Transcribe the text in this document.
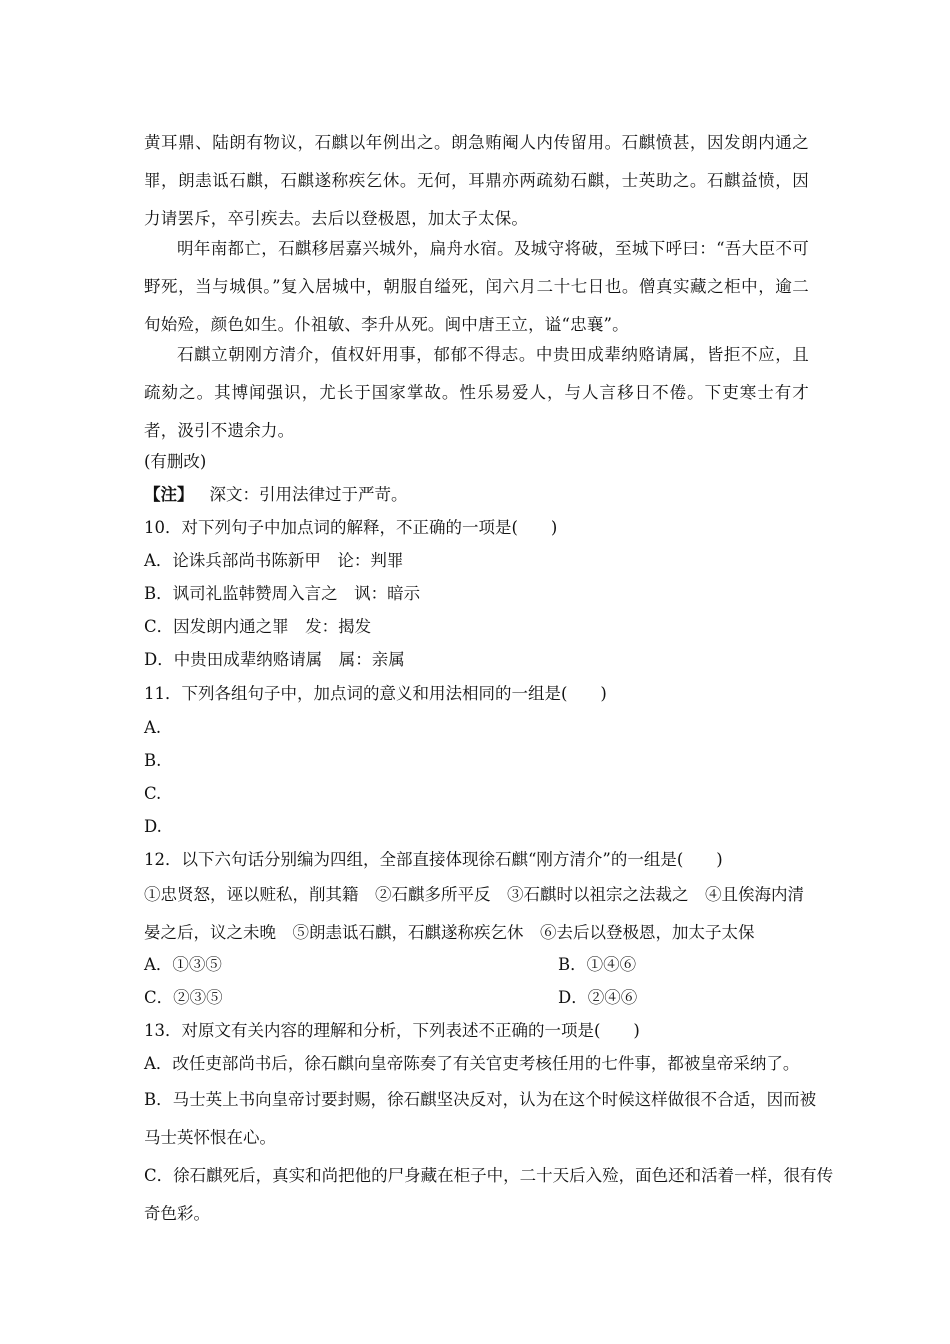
黄耳鼎、陆朗有物议，石麒以年例出之。朗急贿阉人内传留用。石麒愤甚，因发朗内通之罪，朗恚诋石麒，石麒遂称疾乞休。无何，耳鼎亦两疏劾石麒，士英助之。石麒益愤，因力请罢斥，卒引疾去。去后以登极恩，加太子太保。

明年南都亡，石麒移居嘉兴城外，扁舟水宿。及城守将破，至城下呼曰：“吾大臣不可野死，当与城俱。”复入居城中，朝服自缢死，闰六月二十七日也。僧真实藏之柜中，逾二旬始殓，颜色如生。仆祖敏、李升从死。闽中唐王立，谥“忠襄”。

石麒立朝刚方清介，值权奸用事，郁郁不得志。中贵田成辈纳赂请属，皆拒不应，且疏劾之。其博闻强识，尤长于国家掌故。性乐易爱人，与人言移日不倦。下吏寒士有才者，汲引不遗余力。

(有删改)

【注】 深文：引用法律过于严苛。

10．对下列句子中加点词的解释，不正确的一项是(　　)

A．论诛兵部尚书陈新甲　论：判罪

B．讽司礼监韩赞周入言之　讽：暗示

C．因发朗内通之罪　发：揭发

D．中贵田成辈纳赂请属　属：亲属

11．下列各组句子中，加点词的意义和用法相同的一组是(　　)

A.

B.

C.

D.

12．以下六句话分别编为四组，全部直接体现徐石麒“刚方清介”的一组是(　　)

①忠贤怒，诬以赃私，削其籍　②石麒多所平反　③石麒时以祖宗之法裁之　④且俟海内清

晏之后，议之未晚　⑤朗恚诋石麒，石麒遂称疾乞休　⑥去后以登极恩，加太子太保

A．①③⑤	B．①④⑥

C．②③⑤	D．②④⑥

13．对原文有关内容的理解和分析，下列表述不正确的一项是(　　)

A．改任吏部尚书后，徐石麒向皇帝陈奏了有关官吏考核任用的七件事，都被皇帝采纳了。

B．马士英上书向皇帝讨要封赐，徐石麒坚决反对，认为在这个时候这样做很不合适，因而被

马士英怀恨在心。

C．徐石麒死后，真实和尚把他的尸身藏在柜子中，二十天后入殓，面色还和活着一样，很有传

奇色彩。
